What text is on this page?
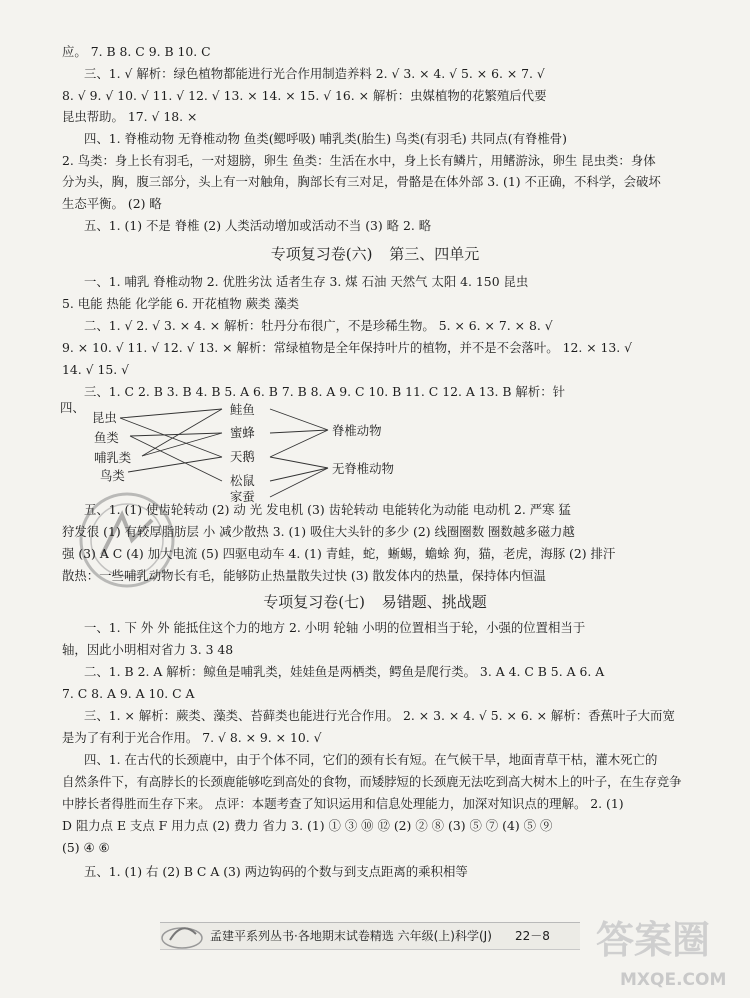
应。 7. B 8. C 9. B 10. C
三、1. √ 解析：绿色植物都能进行光合作用制造养料 2. √ 3. × 4. √ 5. × 6. × 7. √
8. √ 9. √ 10. √ 11. √ 12. √ 13. × 14. × 15. √ 16. × 解析：虫媒植物的花繁殖后代要
昆虫帮助。 17. √ 18. ×
四、1. 脊椎动物 无脊椎动物 鱼类(鳃呼吸) 哺乳类(胎生) 鸟类(有羽毛) 共同点(有脊椎骨)
2. 鸟类：身上长有羽毛，一对翅膀，卵生 鱼类：生活在水中，身上长有鳞片，用鳍游泳，卵生 昆虫类：身体
分为头，胸，腹三部分，头上有一对触角，胸部长有三对足，骨骼是在体外部 3. (1) 不正确，不科学，会破坏
生态平衡。 (2) 略
五、1. (1) 不是 脊椎 (2) 人类活动增加或活动不当 (3) 略 2. 略
专项复习卷(六) 第三、四单元
一、1. 哺乳 脊椎动物 2. 优胜劣汰 适者生存 3. 煤 石油 天然气 太阳 4. 150 昆虫
5. 电能 热能 化学能 6. 开花植物 蕨类 藻类
二、1. √ 2. √ 3. × 4. × 解析：牡丹分布很广，不是珍稀生物。 5. × 6. × 7. × 8. √
9. × 10. √ 11. √ 12. √ 13. × 解析：常绿植物是全年保持叶片的植物，并不是不会落叶。 12. × 13. √
14. √ 15. √
三、1. C 2. B 3. B 4. B 5. A 6. B 7. B 8. A 9. C 10. B 11. C 12. A 13. B 解析：针
四、
昆虫
鱼类
哺乳类
鸟类
鲑鱼
蜜蜂
天鹅
松鼠
家蚕
脊椎动物
无脊椎动物
五、1. (1) 使齿轮转动 (2) 动 光 发电机 (3) 齿轮转动 电能转化为动能 电动机 2. 严寒 猛
狩发很 (1) 有较厚脂肪层 小 减少散热 3. (1) 吸住大头针的多少 (2) 线圈圈数 圈数越多磁力越
强 (3) A C (4) 加大电流 (5) 四驱电动车 4. (1) 青蛙，蛇，蜥蜴，蟾蜍 狗，猫，老虎，海豚 (2) 排汗
散热：一些哺乳动物长有毛，能够防止热量散失过快 (3) 散发体内的热量，保持体内恒温
专项复习卷(七) 易错题、挑战题
一、1. 下 外 外 能抵住这个力的地方 2. 小明 轮轴 小明的位置相当于轮，小强的位置相当于
轴，因此小明相对省力 3. 3 48
二、1. B 2. A 解析：鲸鱼是哺乳类，娃娃鱼是两栖类，鳄鱼是爬行类。 3. A 4. C B 5. A 6. A
7. C 8. A 9. A 10. C A
三、1. × 解析：蕨类、藻类、苔藓类也能进行光合作用。 2. × 3. × 4. √ 5. × 6. × 解析：香蕉叶子大而宽
是为了有利于光合作用。 7. √ 8. × 9. × 10. √
四、1. 在古代的长颈鹿中，由于个体不同，它们的颈有长有短。在气候干旱，地面青草干枯，灌木死亡的
自然条件下，有高脖长的长颈鹿能够吃到高处的食物，而矮脖短的长颈鹿无法吃到高大树木上的叶子，在生存竞争
中脖长者得胜而生存下来。 点评：本题考查了知识运用和信息处理能力，加深对知识点的理解。 2. (1)
D 阻力点 E 支点 F 用力点 (2) 费力 省力 3. (1) ① ③ ⑩ ⑫ (2) ② ⑧ (3) ⑤ ⑦ (4) ⑤ ⑨
(5) ④ ⑥
五、1. (1) 右 (2) B C A (3) 两边钩码的个数与到支点距离的乘积相等
孟建平系列丛书·各地期末试卷精选 六年级(上)科学(J) 22－8 答案圈
MXQE.COM
